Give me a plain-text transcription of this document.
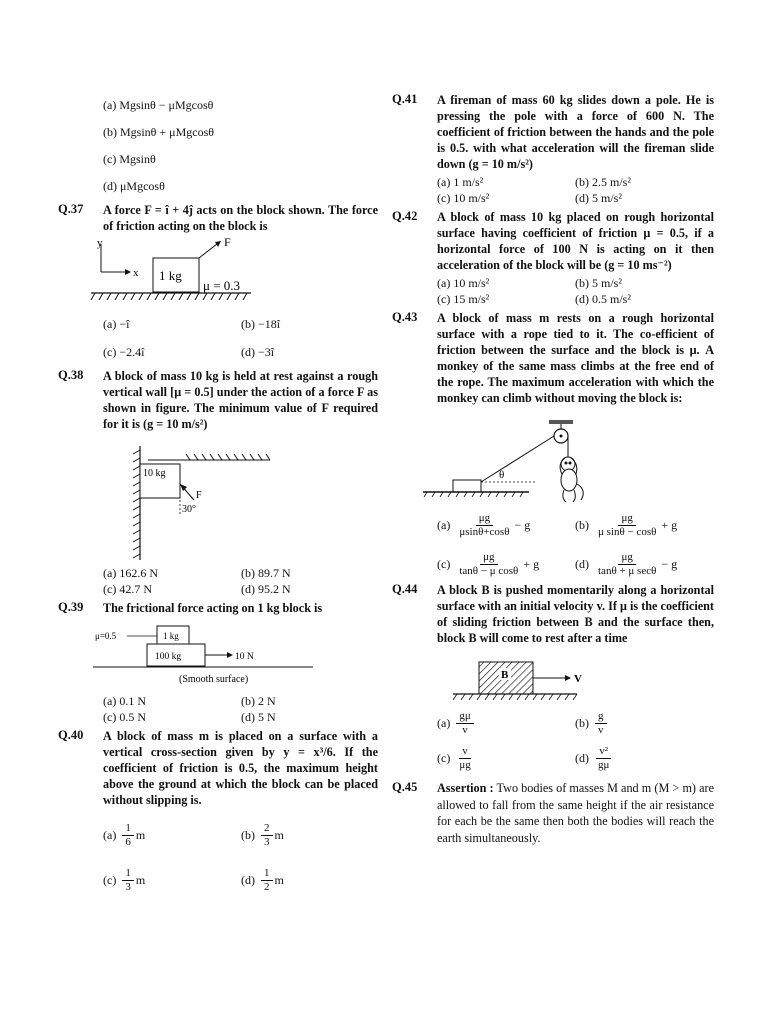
(a) Mgsinθ − μMgcosθ
(b) Mgsinθ + μMgcosθ
(c) Mgsinθ
(d) μMgcosθ
Q.37 A force F = î + 4ĵ acts on the block shown. The force of friction acting on the block is
y
x 1 kg
F
μ = 0.3
(a) −î	(b) −18î
(c) −2.4î	(d) −3î
Q.38 A block of mass 10 kg is held at rest against a rough vertical wall [μ = 0.5] under the action of a force F as shown in figure. The minimum value of F required for it is (g = 10 m/s²)
10 kg
F
30°
(a) 162.6 N	(b) 89.7 N
(c) 42.7 N	(d) 95.2 N
Q.39 The frictional force acting on 1 kg block is
μ=0.5	1 kg
100 kg	10 N
(Smooth surface)
(a) 0.1 N	(b) 2 N
(c) 0.5 N	(d) 5 N
Q.40 A block of mass m is placed on a surface with a vertical cross-section given by y = x³/6. If the coefficient of friction is 0.5, the maximum height above the ground at which the block can be placed without slipping is.
$(a) \frac{1}{6}$ m	$(b) \frac{2}{3}$ m
$(c) \frac{1}{3}$ m	$(d) \frac{1}{2}$ m
Q.41 A fireman of mass 60 kg slides down a pole. He is pressing the pole with a force of 600 N. The coefficient of friction between the hands and the pole is 0.5. with what acceleration will the fireman slide down (g = 10 m/s²)
(a) 1 m/s²	(b) 2.5 m/s²
(c) 10 m/s²	(d) 5 m/s²
Q.42 A block of mass 10 kg placed on rough horizontal surface having coefficient of friction μ = 0.5, if a horizontal force of 100 N is acting on it then acceleration of the block will be (g = 10 ms⁻²)
(a) 10 m/s²	(b) 5 m/s²
(c) 15 m/s²	(d) 0.5 m/s²
Q.43 A block of mass m rests on a rough horizontal surface with a rope tied to it. The co-efficient of friction between the surface and the block is μ. A monkey of the same mass climbs at the free end of the rope. The maximum acceleration with which the monkey can climb without moving the block is:
θ
$(a) \frac{\mu g}{\mu\sin\theta+\cos\theta} - g$	$(b) \frac{\mu g}{\text{μ sinθ − cosθ}} + g$
$(c) \frac{\mu g}{\text{tanθ − μ cosθ}} + g$	$(d) \frac{\mu g}{\text{tanθ + μ secθ}} - g$
Q.44 A block B is pushed momentarily along a horizontal surface with an initial velocity v. If μ is the coefficient of sliding friction between B and the surface then, block B will come to rest after a time
B	V
$(a) \frac{g\mu}{v}$	$(b) \frac{g}{v}$
$(c) \frac{v}{\mu g}$	$(d) \frac{\text{v²}}{g\mu}$
Q.45 Assertion : Two bodies of masses M and m (M > m) are allowed to fall from the same height if the air resistance for each be the same then both the bodies will reach the earth simultaneously.
